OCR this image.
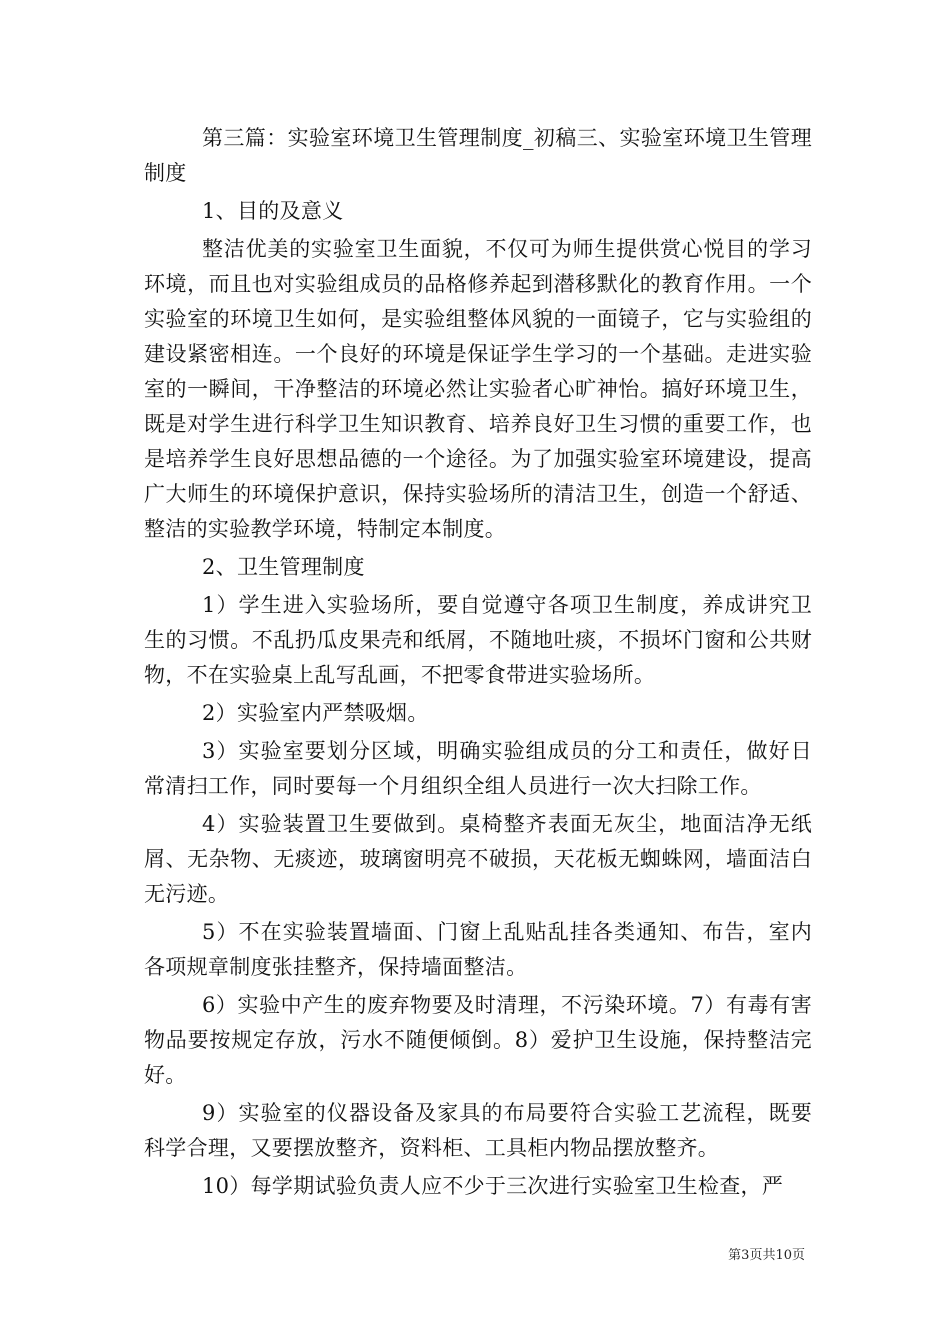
第三篇：实验室环境卫生管理制度_初稿三、实验室环境卫生管理制度

1、目的及意义

整洁优美的实验室卫生面貌，不仅可为师生提供赏心悦目的学习环境，而且也对实验组成员的品格修养起到潜移默化的教育作用。一个实验室的环境卫生如何，是实验组整体风貌的一面镜子，它与实验组的建设紧密相连。一个良好的环境是保证学生学习的一个基础。走进实验室的一瞬间，干净整洁的环境必然让实验者心旷神怡。搞好环境卫生，既是对学生进行科学卫生知识教育、培养良好卫生习惯的重要工作，也是培养学生良好思想品德的一个途径。为了加强实验室环境建设，提高广大师生的环境保护意识，保持实验场所的清洁卫生，创造一个舒适、整洁的实验教学环境，特制定本制度。

2、卫生管理制度

1）学生进入实验场所，要自觉遵守各项卫生制度，养成讲究卫生的习惯。不乱扔瓜皮果壳和纸屑，不随地吐痰，不损坏门窗和公共财物，不在实验桌上乱写乱画，不把零食带进实验场所。

2）实验室内严禁吸烟。

3）实验室要划分区域，明确实验组成员的分工和责任，做好日常清扫工作，同时要每一个月组织全组人员进行一次大扫除工作。

4）实验装置卫生要做到。桌椅整齐表面无灰尘，地面洁净无纸屑、无杂物、无痰迹，玻璃窗明亮不破损，天花板无蜘蛛网，墙面洁白无污迹。

5）不在实验装置墙面、门窗上乱贴乱挂各类通知、布告，室内各项规章制度张挂整齐，保持墙面整洁。

6）实验中产生的废弃物要及时清理，不污染环境。7）有毒有害物品要按规定存放，污水不随便倾倒。8）爱护卫生设施，保持整洁完好。

9）实验室的仪器设备及家具的布局要符合实验工艺流程，既要科学合理，又要摆放整齐，资料柜、工具柜内物品摆放整齐。

10）每学期试验负责人应不少于三次进行实验室卫生检查，严

第3页共10页
